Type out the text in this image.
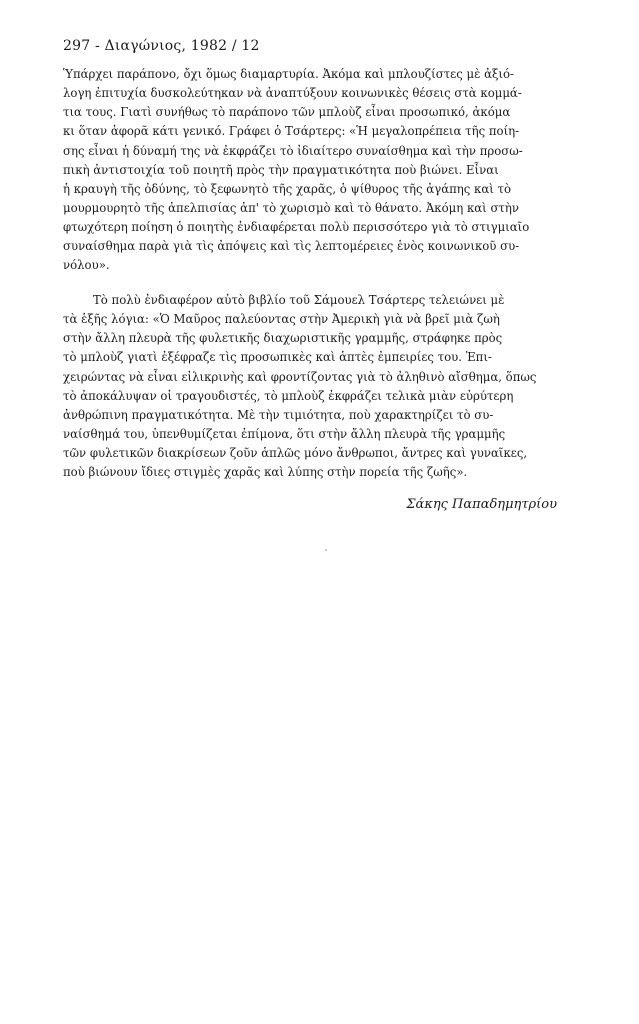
297 - Διαγώνιος, 1982 / 12
Ὑπάρχει παράπονο, ὄχι ὅμως διαμαρτυρία. Ἀκόμα καὶ μπλουζίστες μὲ ἀξιό-
λογη ἐπιτυχία δυσκολεύτηκαν νὰ ἀναπτύξουν κοινωνικὲς θέσεις στὰ κομμά-
τια τους. Γιατὶ συνήθως τὸ παράπονο τῶν μπλοὺζ εἶναι προσωπικό, ἀκόμα
κι ὅταν ἀφορᾶ κάτι γενικό. Γράφει ὁ Τσάρτερς: «Ἡ μεγαλοπρέπεια τῆς ποίη-
σης εἶναι ἡ δύναμή της νὰ ἐκφράζει τὸ ἰδιαίτερο συναίσθημα καὶ τὴν προσω-
πικὴ ἀντιστοιχία τοῦ ποιητῆ πρὸς τὴν πραγματικότητα ποὺ βιώνει. Εἶναι
ἡ κραυγὴ τῆς ὀδύνης, τὸ ξεφωνητὸ τῆς χαρᾶς, ὁ ψίθυρος τῆς ἀγάπης καὶ τὸ
μουρμουρητὸ τῆς ἀπελπισίας ἀπ' τὸ χωρισμὸ καὶ τὸ θάνατο. Ἀκόμη καὶ στὴν
φτωχότερη ποίηση ὁ ποιητὴς ἐνδιαφέρεται πολὺ περισσότερο γιὰ τὸ στιγμιαῖο
συναίσθημα παρὰ γιὰ τὶς ἀπόψεις καὶ τὶς λεπτομέρειες ἑνὸς κοινωνικοῦ συ-
νόλου».
Τὸ πολὺ ἐνδιαφέρον αὐτὸ βιβλίο τοῦ Σάμουελ Τσάρτερς τελειώνει μὲ
τὰ ἑξῆς λόγια: «Ὁ Μαῦρος παλεύοντας στὴν Ἀμερικὴ γιὰ νὰ βρεῖ μιὰ ζωὴ
στὴν ἄλλη πλευρὰ τῆς φυλετικῆς διαχωριστικῆς γραμμῆς, στράφηκε πρὸς
τὸ μπλοὺζ γιατὶ ἐξέφραζε τὶς προσωπικὲς καὶ ἁπτὲς ἐμπειρίες του. Ἐπι-
χειρώντας νὰ εἶναι εἰλικρινὴς καὶ φροντίζοντας γιὰ τὸ ἀληθινὸ αἴσθημα, ὅπως
τὸ ἀποκάλυψαν οἱ τραγουδιστές, τὸ μπλοὺζ ἐκφράζει τελικὰ μιὰν εὐρύτερη
ἀνθρώπινη πραγματικότητα. Μὲ τὴν τιμιότητα, ποὺ χαρακτηρίζει τὸ συ-
ναίσθημά του, ὑπενθυμίζεται ἐπίμονα, ὅτι στὴν ἄλλη πλευρὰ τῆς γραμμῆς
τῶν φυλετικῶν διακρίσεων ζοῦν ἁπλῶς μόνο ἄνθρωποι, ἄντρες καὶ γυναῖκες,
ποὺ βιώνουν ἴδιες στιγμὲς χαρᾶς καὶ λύπης στὴν πορεία τῆς ζωῆς».
Σάκης Παπαδημητρίου
